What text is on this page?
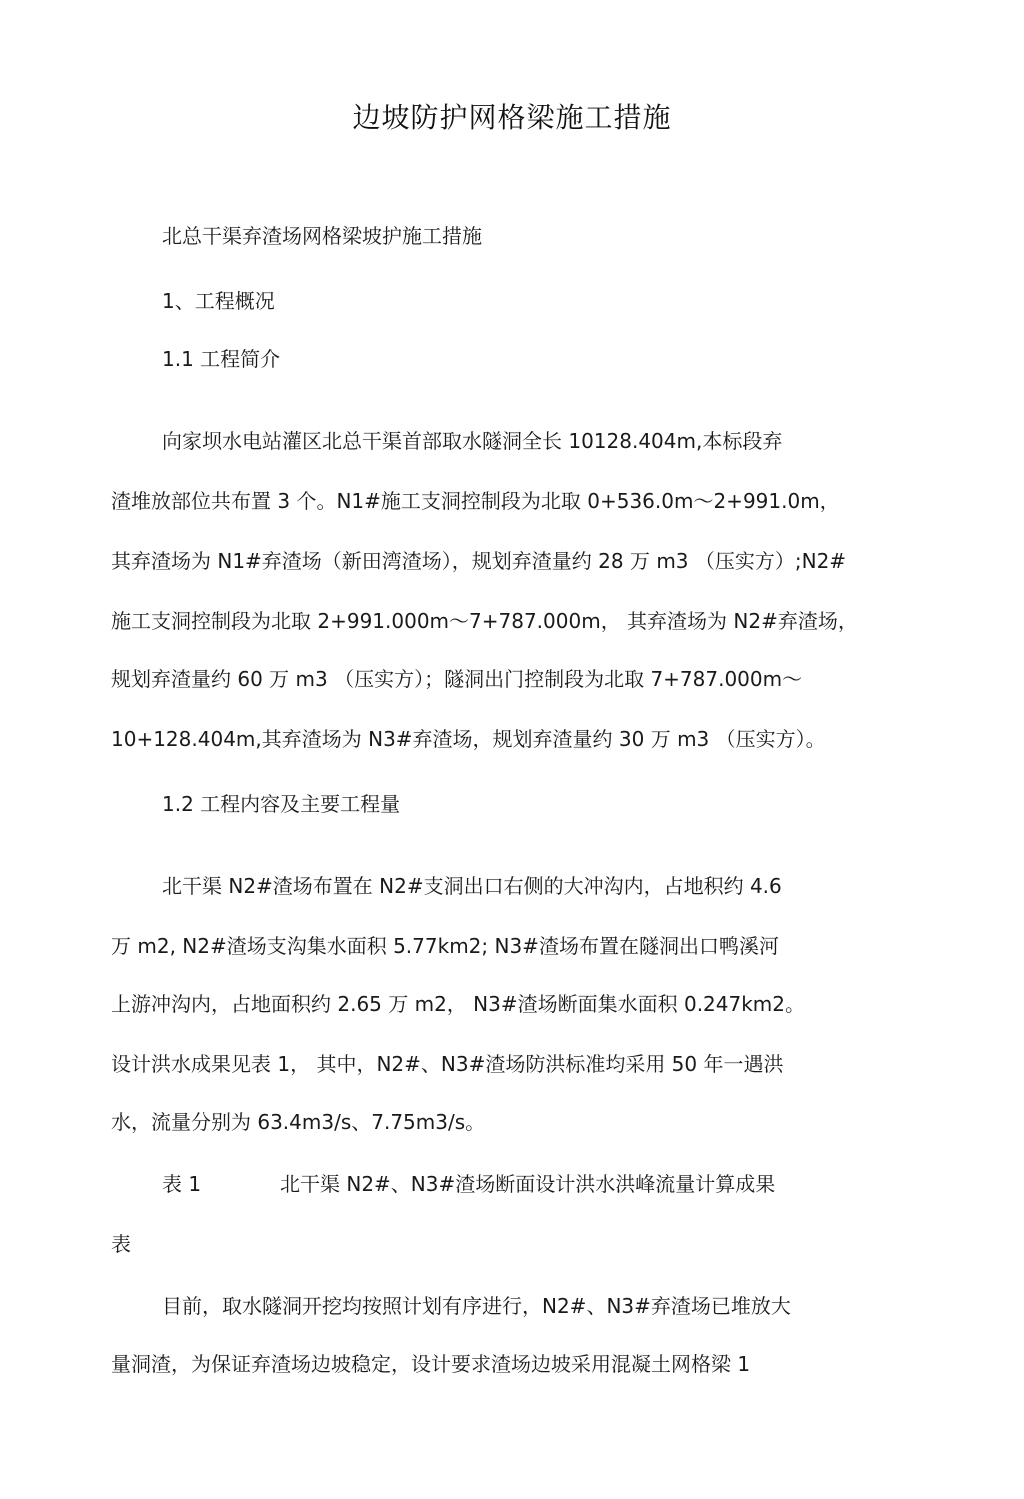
边坡防护网格梁施工措施
北总干渠弃渣场网格梁坡护施工措施
1、工程概况
1.1 工程简介
向家坝水电站灌区北总干渠首部取水隧洞全长 10128.404m,本标段弃
渣堆放部位共布置 3 个。N1#施工支洞控制段为北取 0+536.0m～2+991.0m，
其弃渣场为 N1#弃渣场（新田湾渣场），规划弃渣量约 28 万 m3 （压实方）;N2#
施工支洞控制段为北取 2+991.000m～7+787.000m， 其弃渣场为 N2#弃渣场，
规划弃渣量约 60 万 m3 （压实方）；隧洞出门控制段为北取 7+787.000m～
10+128.404m,其弃渣场为 N3#弃渣场，规划弃渣量约 30 万 m3 （压实方）。
1.2 工程内容及主要工程量
北干渠 N2#渣场布置在 N2#支洞出口右侧的大冲沟内，占地积约 4.6
万 m2, N2#渣场支沟集水面积 5.77km2; N3#渣场布置在隧洞出口鸭溪河
上游冲沟内，占地面积约 2.65 万 m2， N3#渣场断面集水面积 0.247km2。
设计洪水成果见表 1， 其中，N2#、N3#渣场防洪标准均采用 50 年一遇洪
水，流量分别为 63.4m3/s、7.75m3/s。
表 1	北干渠 N2#、N3#渣场断面设计洪水洪峰流量计算成果
表
目前，取水隧洞开挖均按照计划有序进行，N2#、N3#弃渣场已堆放大
量洞渣，为保证弃渣场边坡稳定，设计要求渣场边坡采用混凝土网格梁 1
